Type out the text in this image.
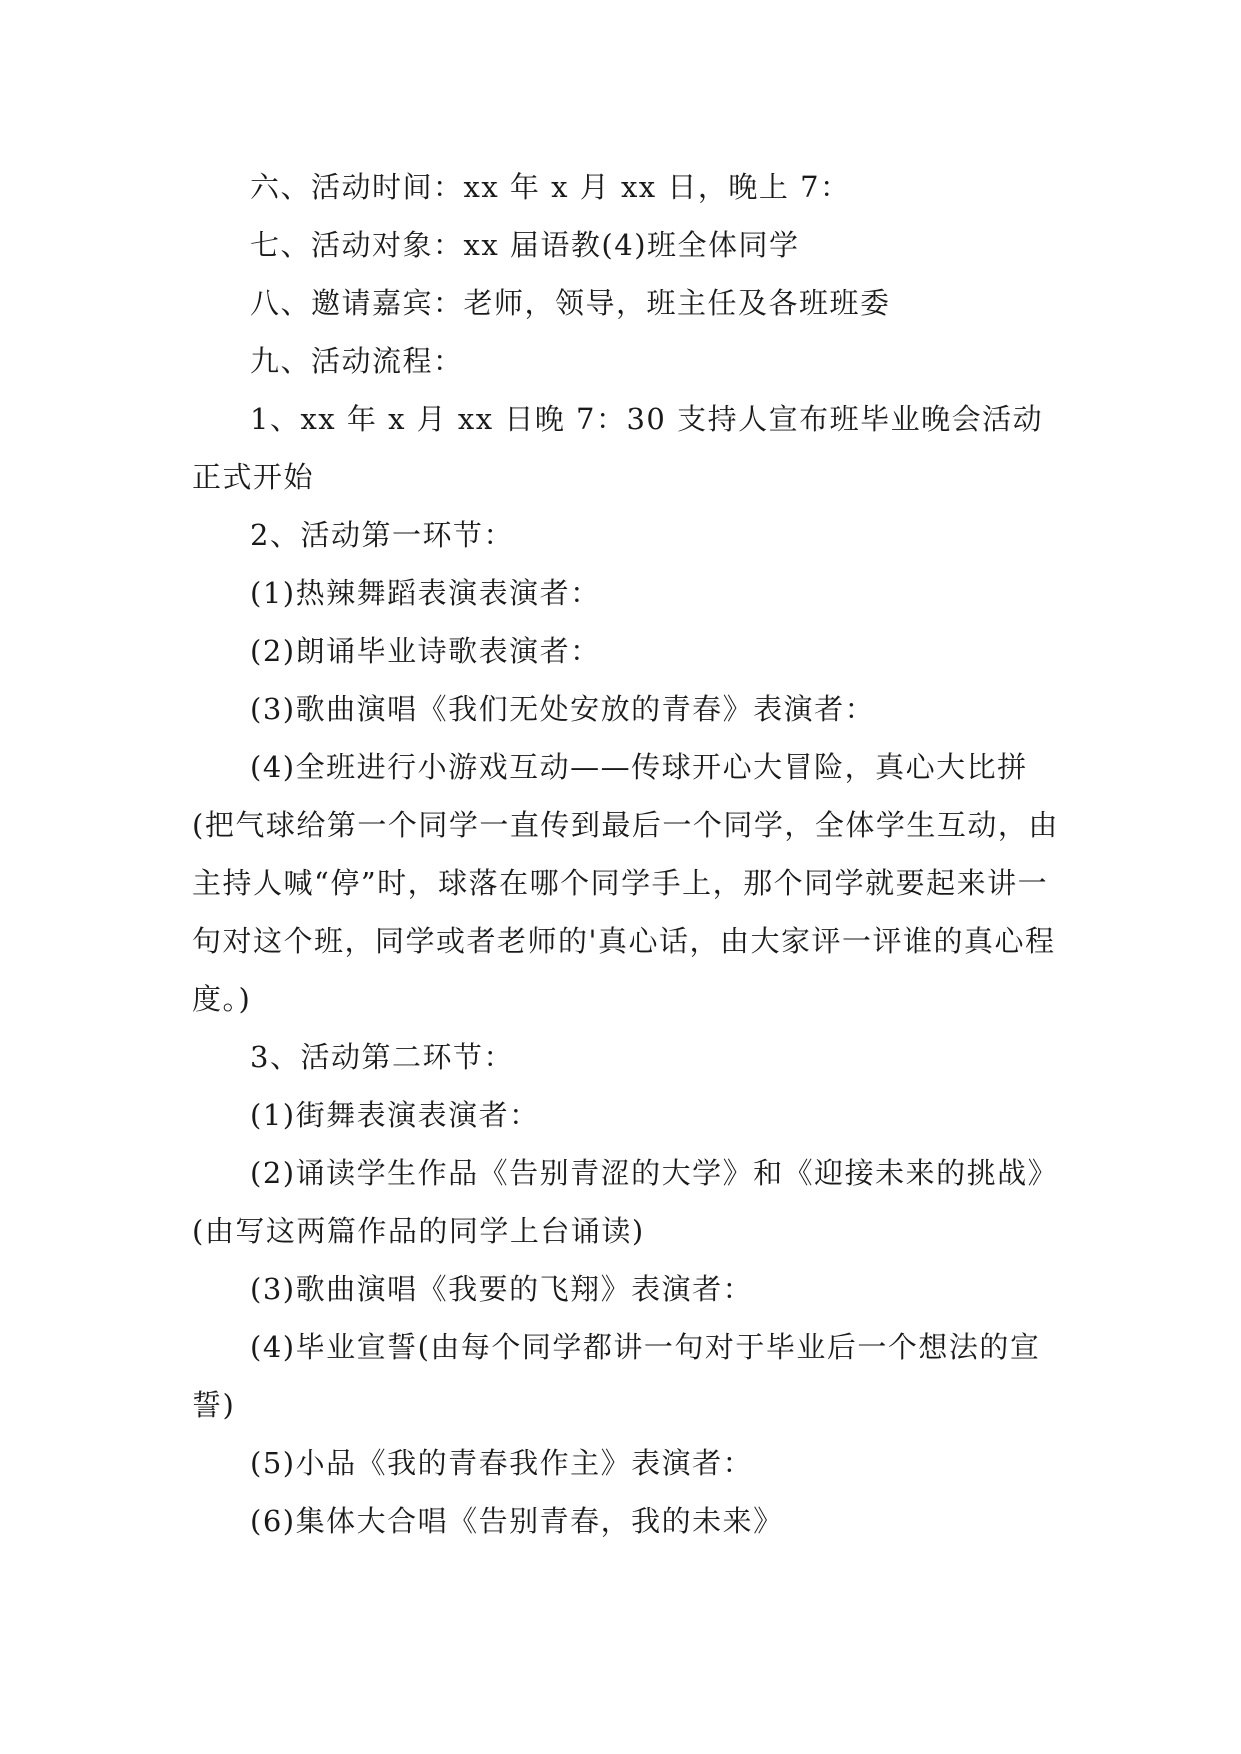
六、活动时间：xx 年 x 月 xx 日，晚上 7：

七、活动对象：xx 届语教(4)班全体同学

八、邀请嘉宾：老师，领导，班主任及各班班委

九、活动流程：

1、xx 年 x 月 xx 日晚 7：30 支持人宣布班毕业晚会活动正式开始

2、活动第一环节：

(1)热辣舞蹈表演表演者：

(2)朗诵毕业诗歌表演者：

(3)歌曲演唱《我们无处安放的青春》表演者：

(4)全班进行小游戏互动——传球开心大冒险，真心大比拼(把气球给第一个同学一直传到最后一个同学，全体学生互动，由主持人喊“停”时，球落在哪个同学手上，那个同学就要起来讲一句对这个班，同学或者老师的'真心话，由大家评一评谁的真心程度。)

3、活动第二环节：

(1)街舞表演表演者：

(2)诵读学生作品《告别青涩的大学》和《迎接未来的挑战》(由写这两篇作品的同学上台诵读)

(3)歌曲演唱《我要的飞翔》表演者：

(4)毕业宣誓(由每个同学都讲一句对于毕业后一个想法的宣誓)

(5)小品《我的青春我作主》表演者：

(6)集体大合唱《告别青春，我的未来》
